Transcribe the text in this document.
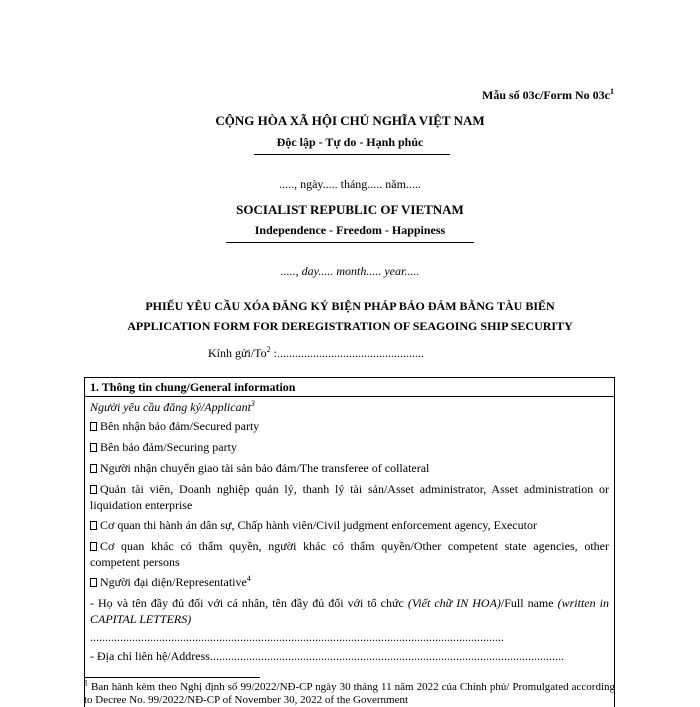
Mẫu số 03c/Form No $03c^1$
CỘNG HÒA XÃ HỘI CHỦ NGHĨA VIỆT NAM
Độc lập - Tự do - Hạnh phúc
....., ngày..... tháng..... năm.....
SOCIALIST REPUBLIC OF VIETNAM
Independence - Freedom - Happiness
....., day..... month..... year.....
PHIẾU YÊU CẦU XÓA ĐĂNG KÝ BIỆN PHÁP BẢO ĐẢM BẰNG TÀU BIỂN
APPLICATION FORM FOR DEREGISTRATION OF SEAGOING SHIP SECURITY
Kính gửi/To$^2$ :.................................................
1. Thông tin chung/General information
Người yêu cầu đăng ký/Applicant$^3$
Bên nhận bảo đảm/Secured party
Bên bảo đảm/Securing party
Người nhận chuyển giao tài sản bảo đảm/The transferee of collateral
Quản tài viên, Doanh nghiệp quản lý, thanh lý tài sản/Asset administrator, Asset administration or liquidation enterprise
Cơ quan thi hành án dân sự, Chấp hành viên/Civil judgment enforcement agency, Executor
Cơ quan khác có thẩm quyền, người khác có thẩm quyền/Other competent state agencies, other competent persons
Người đại diện/Representative$^4$
- Họ và tên đầy đủ đối với cá nhân, tên đầy đủ đối với tổ chức (Viết chữ IN HOA)/Full name (written in CAPITAL LETTERS)
..........................................................................................................................................
- Địa chỉ liên hệ/Address......................................................................................................................
$^1$ Ban hành kèm theo Nghị định số 99/2022/NĐ-CP ngày 30 tháng 11 năm 2022 của Chính phủ/ Promulgated according to Decree No. 99/2022/NĐ-CP of November 30, 2022 of the Government
